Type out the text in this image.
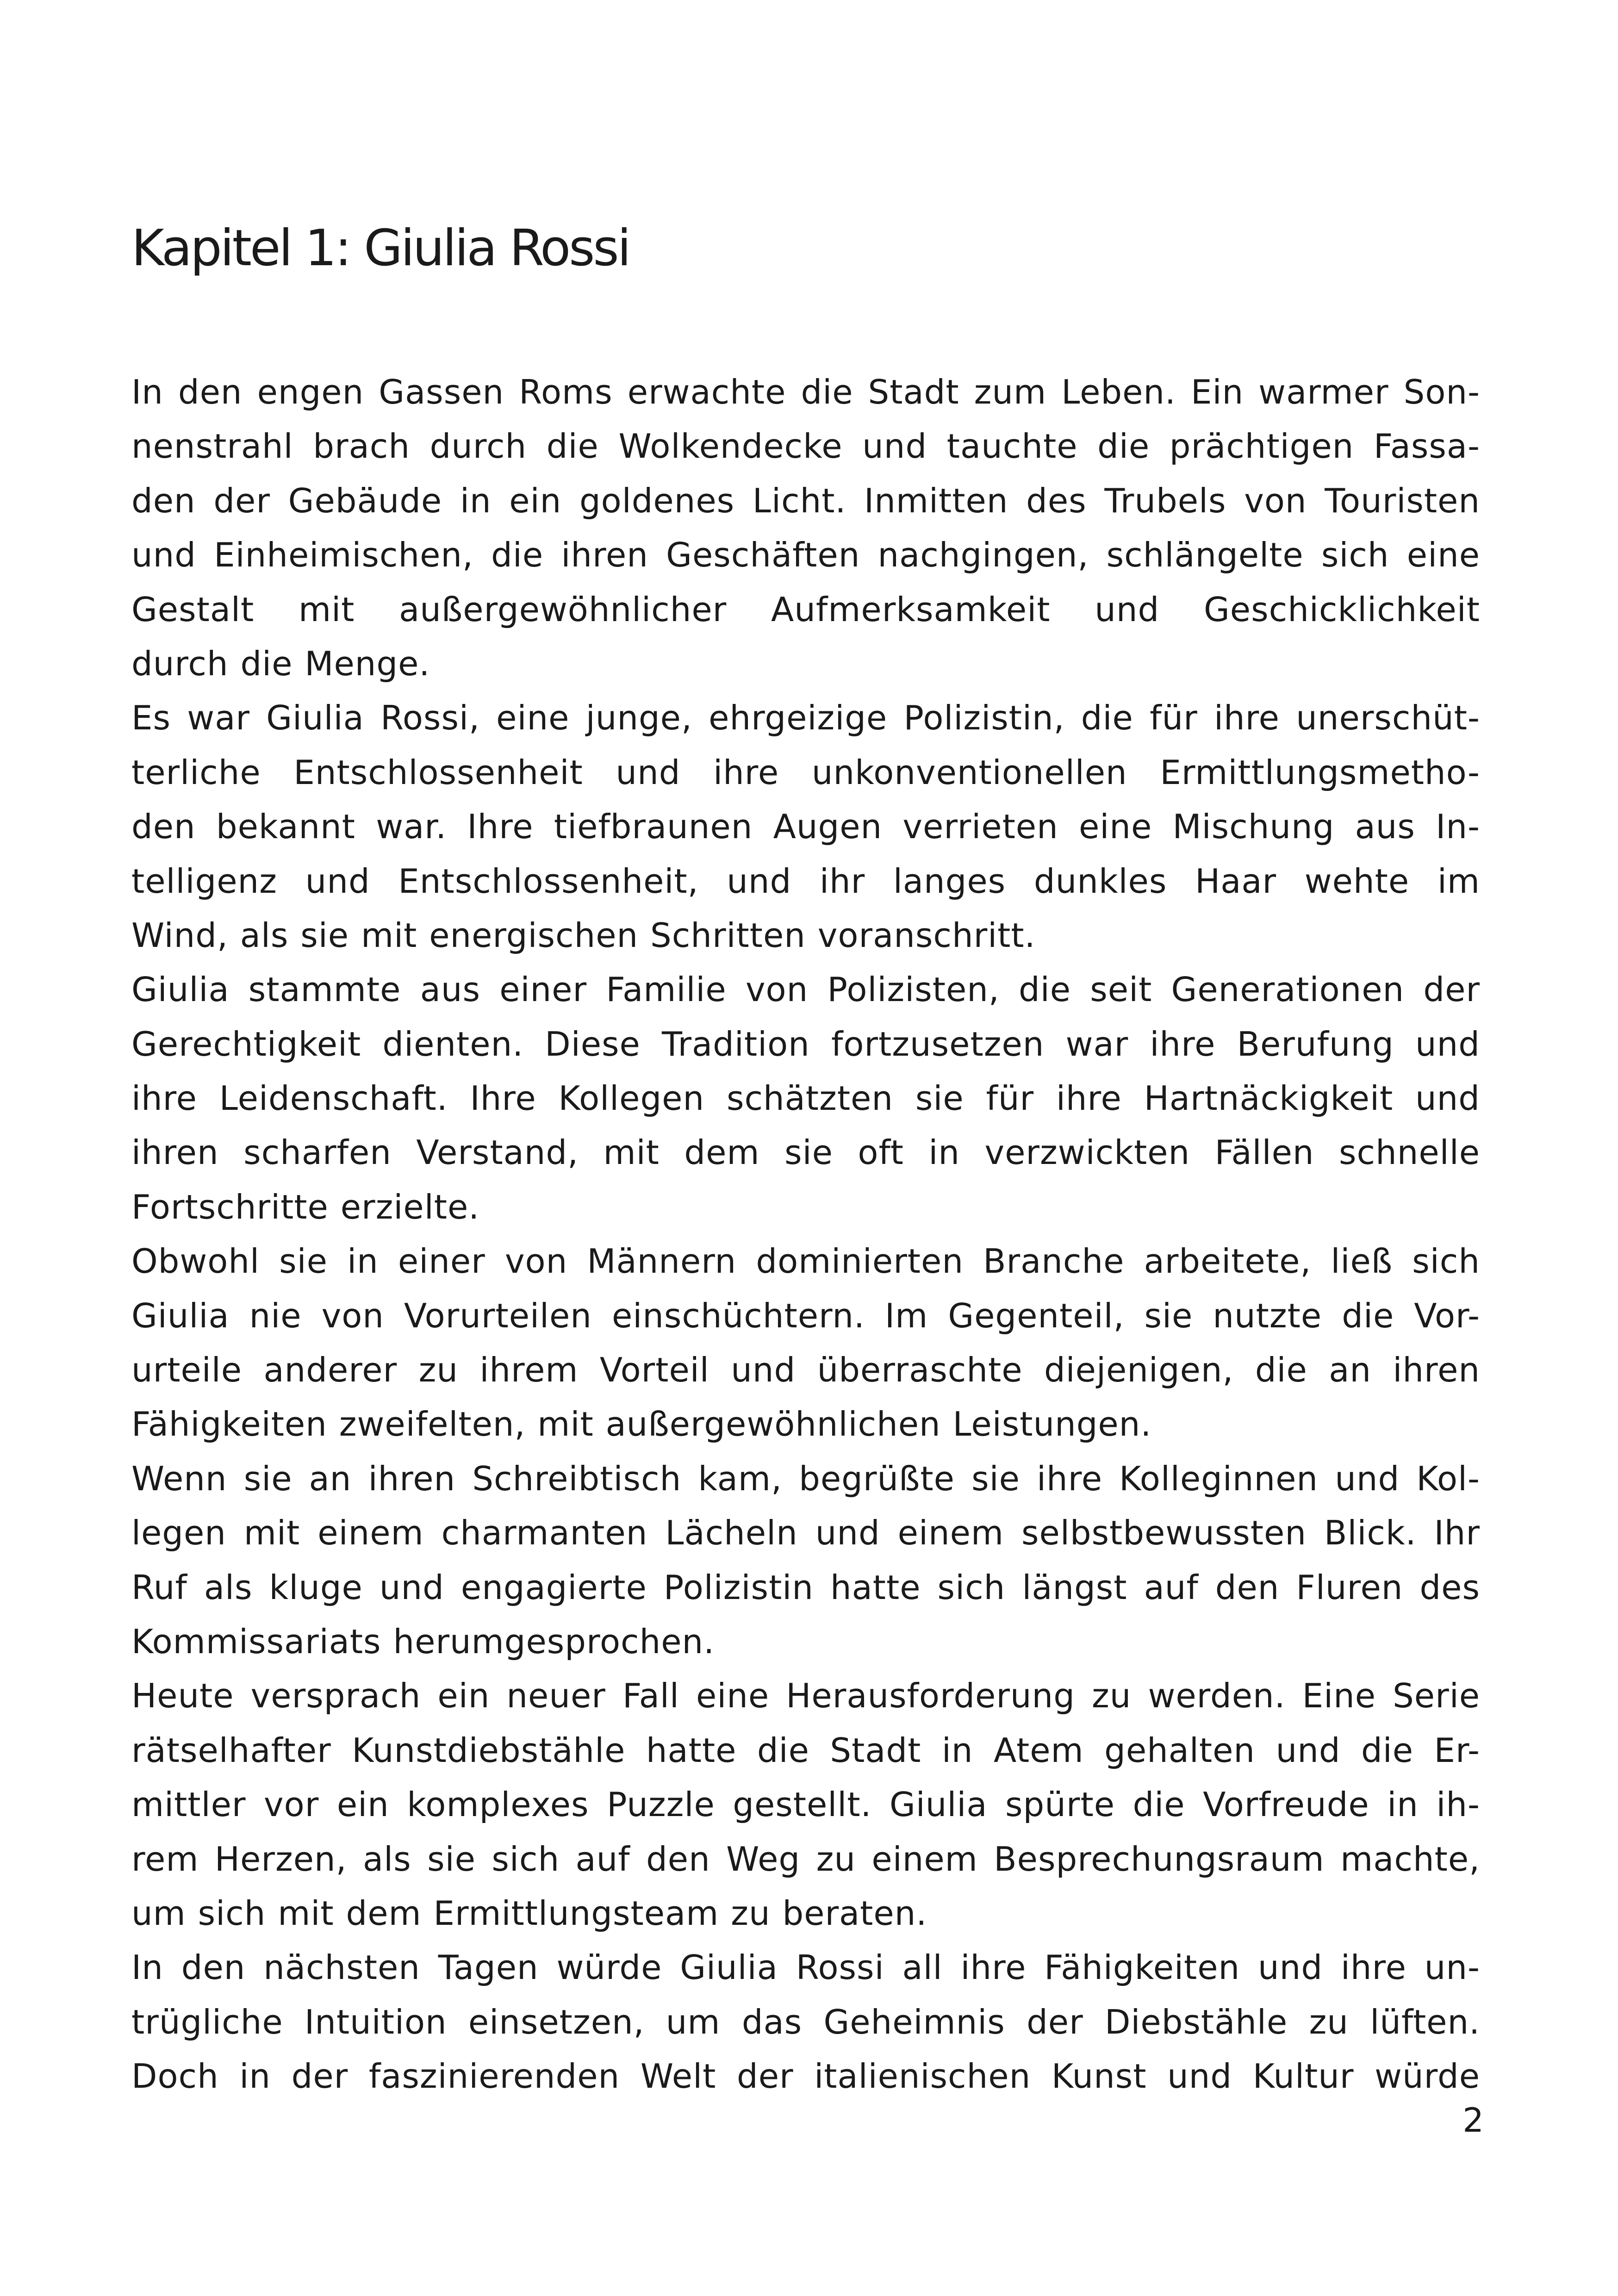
Kapitel 1: Giulia Rossi
In den engen Gassen Roms erwachte die Stadt zum Leben. Ein warmer Son-
nenstrahl brach durch die Wolkendecke und tauchte die prächtigen Fassa-
den der Gebäude in ein goldenes Licht. Inmitten des Trubels von Touristen
und Einheimischen, die ihren Geschäften nachgingen, schlängelte sich eine
Gestalt mit außergewöhnlicher Aufmerksamkeit und Geschicklichkeit
durch die Menge.
Es war Giulia Rossi, eine junge, ehrgeizige Polizistin, die für ihre unerschüt-
terliche Entschlossenheit und ihre unkonventionellen Ermittlungsmetho-
den bekannt war. Ihre tiefbraunen Augen verrieten eine Mischung aus In-
telligenz und Entschlossenheit, und ihr langes dunkles Haar wehte im
Wind, als sie mit energischen Schritten voranschritt.
Giulia stammte aus einer Familie von Polizisten, die seit Generationen der
Gerechtigkeit dienten. Diese Tradition fortzusetzen war ihre Berufung und
ihre Leidenschaft. Ihre Kollegen schätzten sie für ihre Hartnäckigkeit und
ihren scharfen Verstand, mit dem sie oft in verzwickten Fällen schnelle
Fortschritte erzielte.
Obwohl sie in einer von Männern dominierten Branche arbeitete, ließ sich
Giulia nie von Vorurteilen einschüchtern. Im Gegenteil, sie nutzte die Vor-
urteile anderer zu ihrem Vorteil und überraschte diejenigen, die an ihren
Fähigkeiten zweifelten, mit außergewöhnlichen Leistungen.
Wenn sie an ihren Schreibtisch kam, begrüßte sie ihre Kolleginnen und Kol-
legen mit einem charmanten Lächeln und einem selbstbewussten Blick. Ihr
Ruf als kluge und engagierte Polizistin hatte sich längst auf den Fluren des
Kommissariats herumgesprochen.
Heute versprach ein neuer Fall eine Herausforderung zu werden. Eine Serie
rätselhafter Kunstdiebstähle hatte die Stadt in Atem gehalten und die Er-
mittler vor ein komplexes Puzzle gestellt. Giulia spürte die Vorfreude in ih-
rem Herzen, als sie sich auf den Weg zu einem Besprechungsraum machte,
um sich mit dem Ermittlungsteam zu beraten.
In den nächsten Tagen würde Giulia Rossi all ihre Fähigkeiten und ihre un-
trügliche Intuition einsetzen, um das Geheimnis der Diebstähle zu lüften.
Doch in der faszinierenden Welt der italienischen Kunst und Kultur würde
2
